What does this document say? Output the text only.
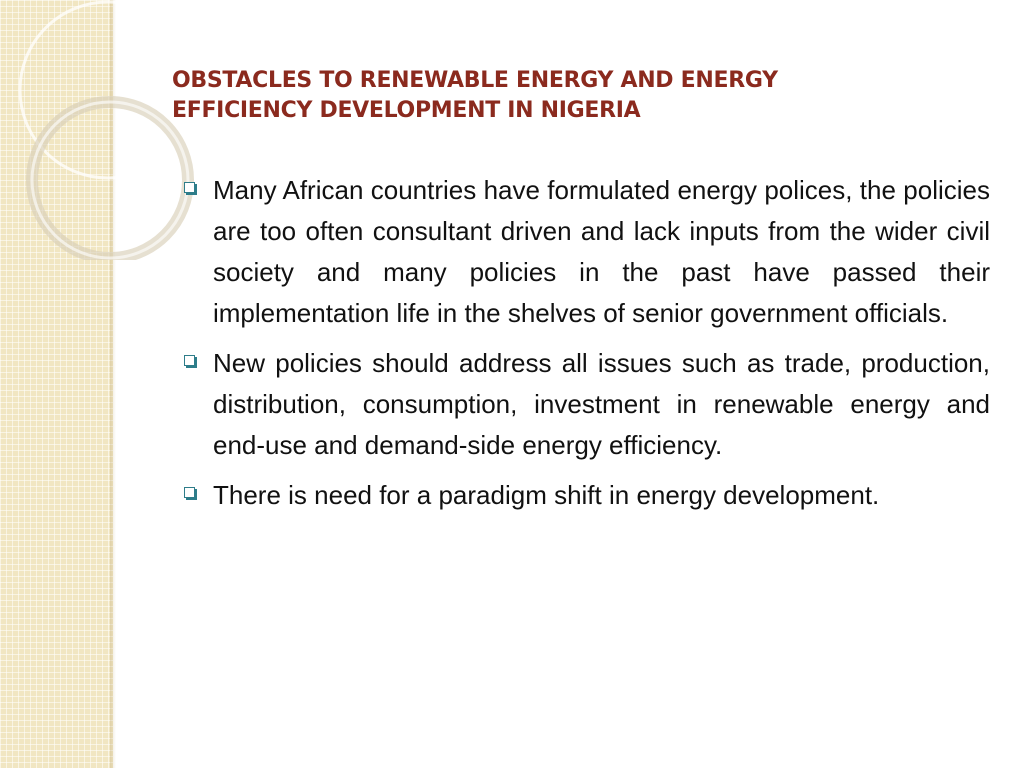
OBSTACLES TO RENEWABLE ENERGY AND ENERGY
EFFICIENCY DEVELOPMENT IN NIGERIA
Many African countries have formulated energy polices, the policies are too often consultant driven and lack inputs from the wider civil society and many policies in the past have passed their implementation life in the shelves of senior government officials.
New policies should address all issues such as trade, production, distribution, consumption, investment in renewable energy and end-use and demand-side energy efficiency.
There is need for a paradigm shift in energy development.
